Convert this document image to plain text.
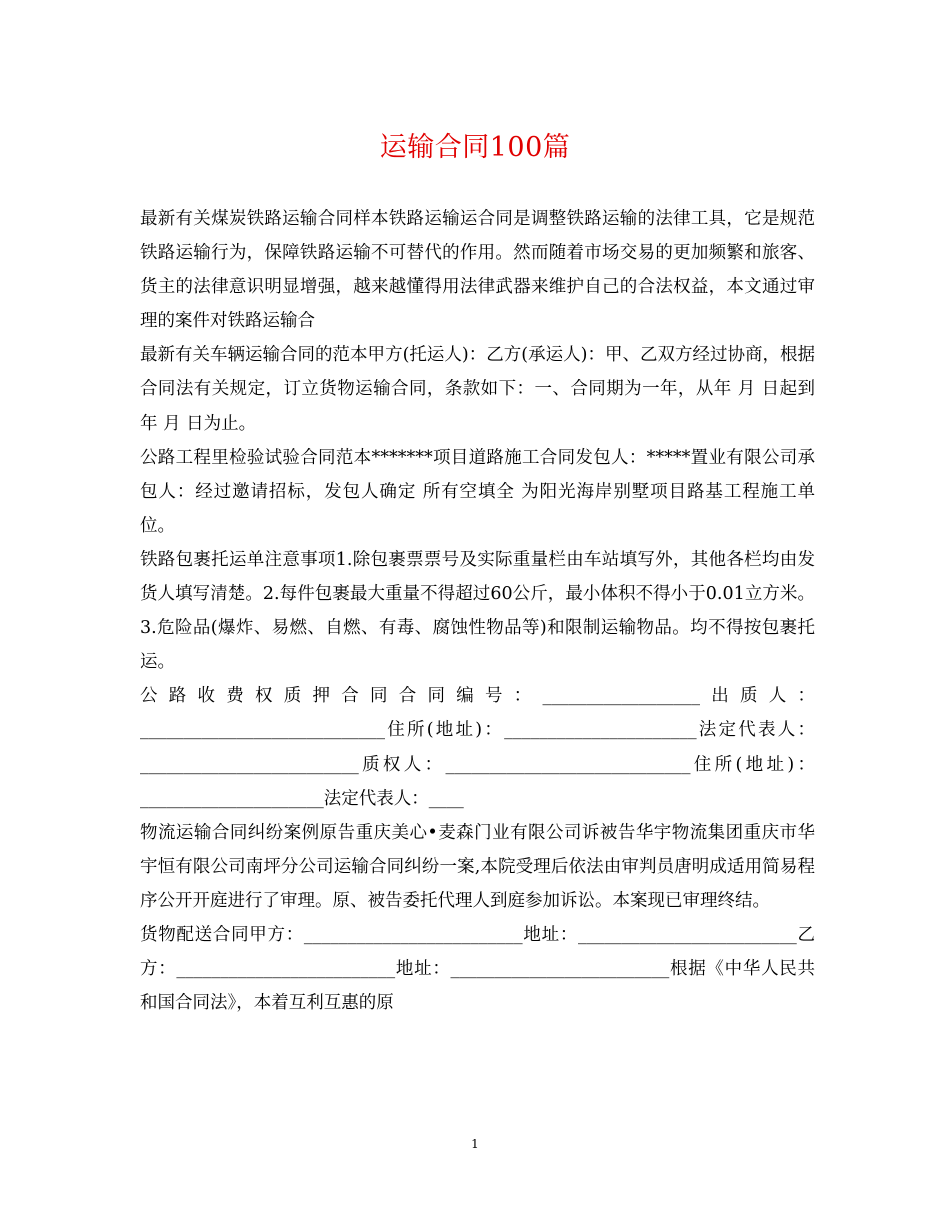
运输合同100篇

最新有关煤炭铁路运输合同样本铁路运输运合同是调整铁路运输的法律工具，它是规范铁路运输行为，保障铁路运输不可替代的作用。然而随着市场交易的更加频繁和旅客、货主的法律意识明显增强，越来越懂得用法律武器来维护自己的合法权益，本文通过审理的案件对铁路运输合

最新有关车辆运输合同的范本甲方(托运人)：乙方(承运人)：甲、乙双方经过协商，根据合同法有关规定，订立货物运输合同，条款如下：一、合同期为一年，从年 月 日起到 年 月 日为止。

公路工程里检验试验合同范本*******项目道路施工合同发包人：*****置业有限公司承包人：经过邀请招标，发包人确定 所有空填全 为阳光海岸别墅项目路基工程施工单位。

铁路包裹托运单注意事项1.除包裹票票号及实际重量栏由车站填写外，其他各栏均由发货人填写清楚。2.每件包裹最大重量不得超过60公斤，最小体积不得小于0.01立方米。3.危险品(爆炸、易燃、自燃、有毒、腐蚀性物品等)和限制运输物品。均不得按包裹托运。

公路收费权质押合同合同编号：__________________出质人：____________________________住所(地址)：______________________法定代表人：_________________________质权人：____________________________住所(地址)：_____________________法定代表人：____

物流运输合同纠纷案例原告重庆美心•麦森门业有限公司诉被告华宇物流集团重庆市华宇恒有限公司南坪分公司运输合同纠纷一案,本院受理后依法由审判员唐明成适用简易程序公开开庭进行了审理。原、被告委托代理人到庭参加诉讼。本案现已审理终结。

货物配送合同甲方：_________________________地址：_________________________乙方：_________________________地址：_________________________根据《中华人民共和国合同法》，本着互利互惠的原

1
